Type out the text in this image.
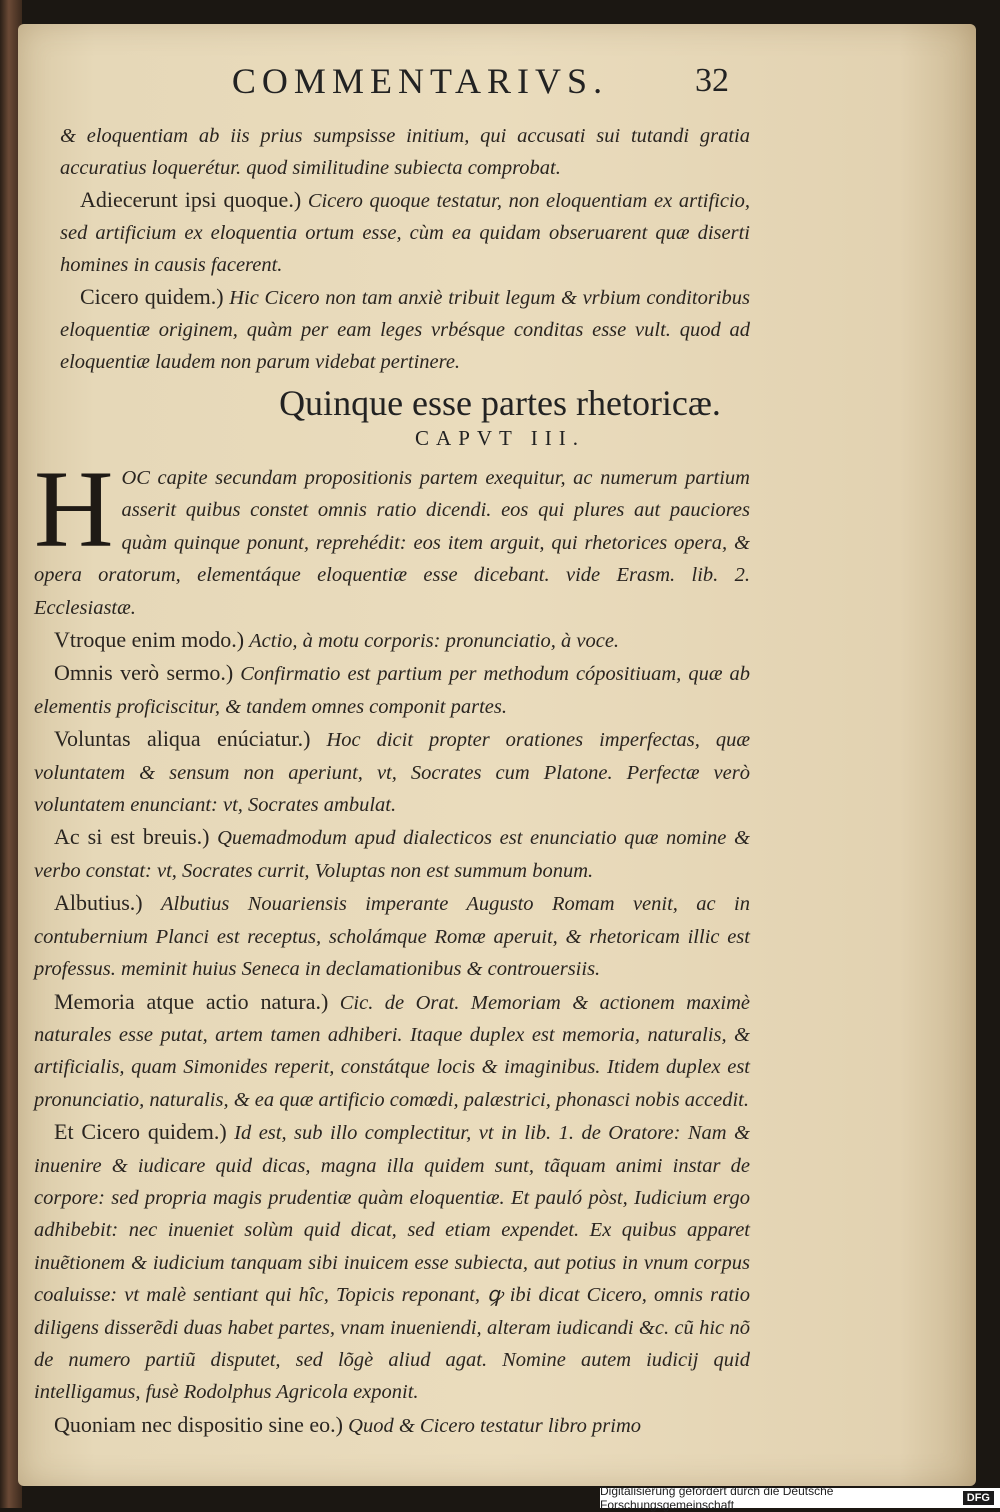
COMMENTARIVS.	32

& eloquentiam ab iis prius sumpsisse initium, qui accusati sui tutandi gratia accuratius loquerétur. quod similitudine subiecta comprobat.

Adiecerunt ipsi quoque.) Cicero quoque testatur, non eloquentiam ex artificio, sed artificium ex eloquentia ortum esse, cùm ea quidam obseruarent quæ diserti homines in causis facerent.

Cicero quidem.) Hic Cicero non tam anxiè tribuit legum & vrbium conditoribus eloquentiæ originem, quàm per eam leges vrbésque conditas esse vult. quod ad eloquentiæ laudem non parum videbat pertinere.

Quinque esse partes rhetoricæ.
CAPVT III.

H OC capite secundam propositionis partem exequitur, ac numerum partium asserit quibus constet omnis ratio dicendi. eos qui plures aut pauciores quàm quinque ponunt, reprehédit: eos item arguit, qui rhetorices opera, & opera oratorum, elementáque eloquentiæ esse dicebant. vide Erasm. lib. 2. Ecclesiastæ.

Vtroque enim modo.) Actio, à motu corporis: pronunciatio, à voce.

Omnis verò sermo.) Confirmatio est partium per methodum cópositiuam, quæ ab elementis proficiscitur, & tandem omnes componit partes.

Voluntas aliqua enúciatur.) Hoc dicit propter orationes imperfectas, quæ voluntatem & sensum non aperiunt, vt, Socrates cum Platone. Perfectæ verò voluntatem enunciant: vt, Socrates ambulat.

Ac si est breuis.) Quemadmodum apud dialecticos est enunciatio quæ nomine & verbo constat: vt, Socrates currit, Voluptas non est summum bonum.

Albutius.) Albutius Nouariensis imperante Augusto Romam venit, ac in contubernium Planci est receptus, scholámque Romæ aperuit, & rhetoricam illic est professus. meminit huius Seneca in declamationibus & controuersiis.

Memoria atque actio natura.) Cic. de Orat. Memoriam & actionem maximè naturales esse putat, artem tamen adhiberi. Itaque duplex est memoria, naturalis, & artificialis, quam Simonides reperit, constátque locis & imaginibus. Itidem duplex est pronunciatio, naturalis, & ea quæ artificio comœdi, palæstrici, phonasci nobis accedit.

Et Cicero quidem.) Id est, sub illo complectitur, vt in lib. 1. de Oratore: Nam & inuenire & iudicare quid dicas, magna illa quidem sunt, tãquam animi instar de corpore: sed propria magis prudentiæ quàm eloquentiæ. Et pauló pòst, Iudicium ergo adhibebit: nec inueniet solùm quid dicat, sed etiam expendet. Ex quibus apparet inuẽtionem & iudicium tanquam sibi inuicem esse subiecta, aut potius in vnum corpus coaluisse: vt malè sentiant qui hîc, Topicis reponant, ꝙ ibi dicat Cicero, omnis ratio diligens disserẽdi duas habet partes, vnam inueniendi, alteram iudicandi &c. cũ hic nõ de numero partiũ disputet, sed lõgè aliud agat. Nomine autem iudicij quid intelligamus, fusè Rodolphus Agricola exponit.

Quoniam nec dispositio sine eo.) Quod & Cicero testatur libro primo

Digitalisierung gefördert durch die Deutsche Forschungsgemeinschaft	DFG
